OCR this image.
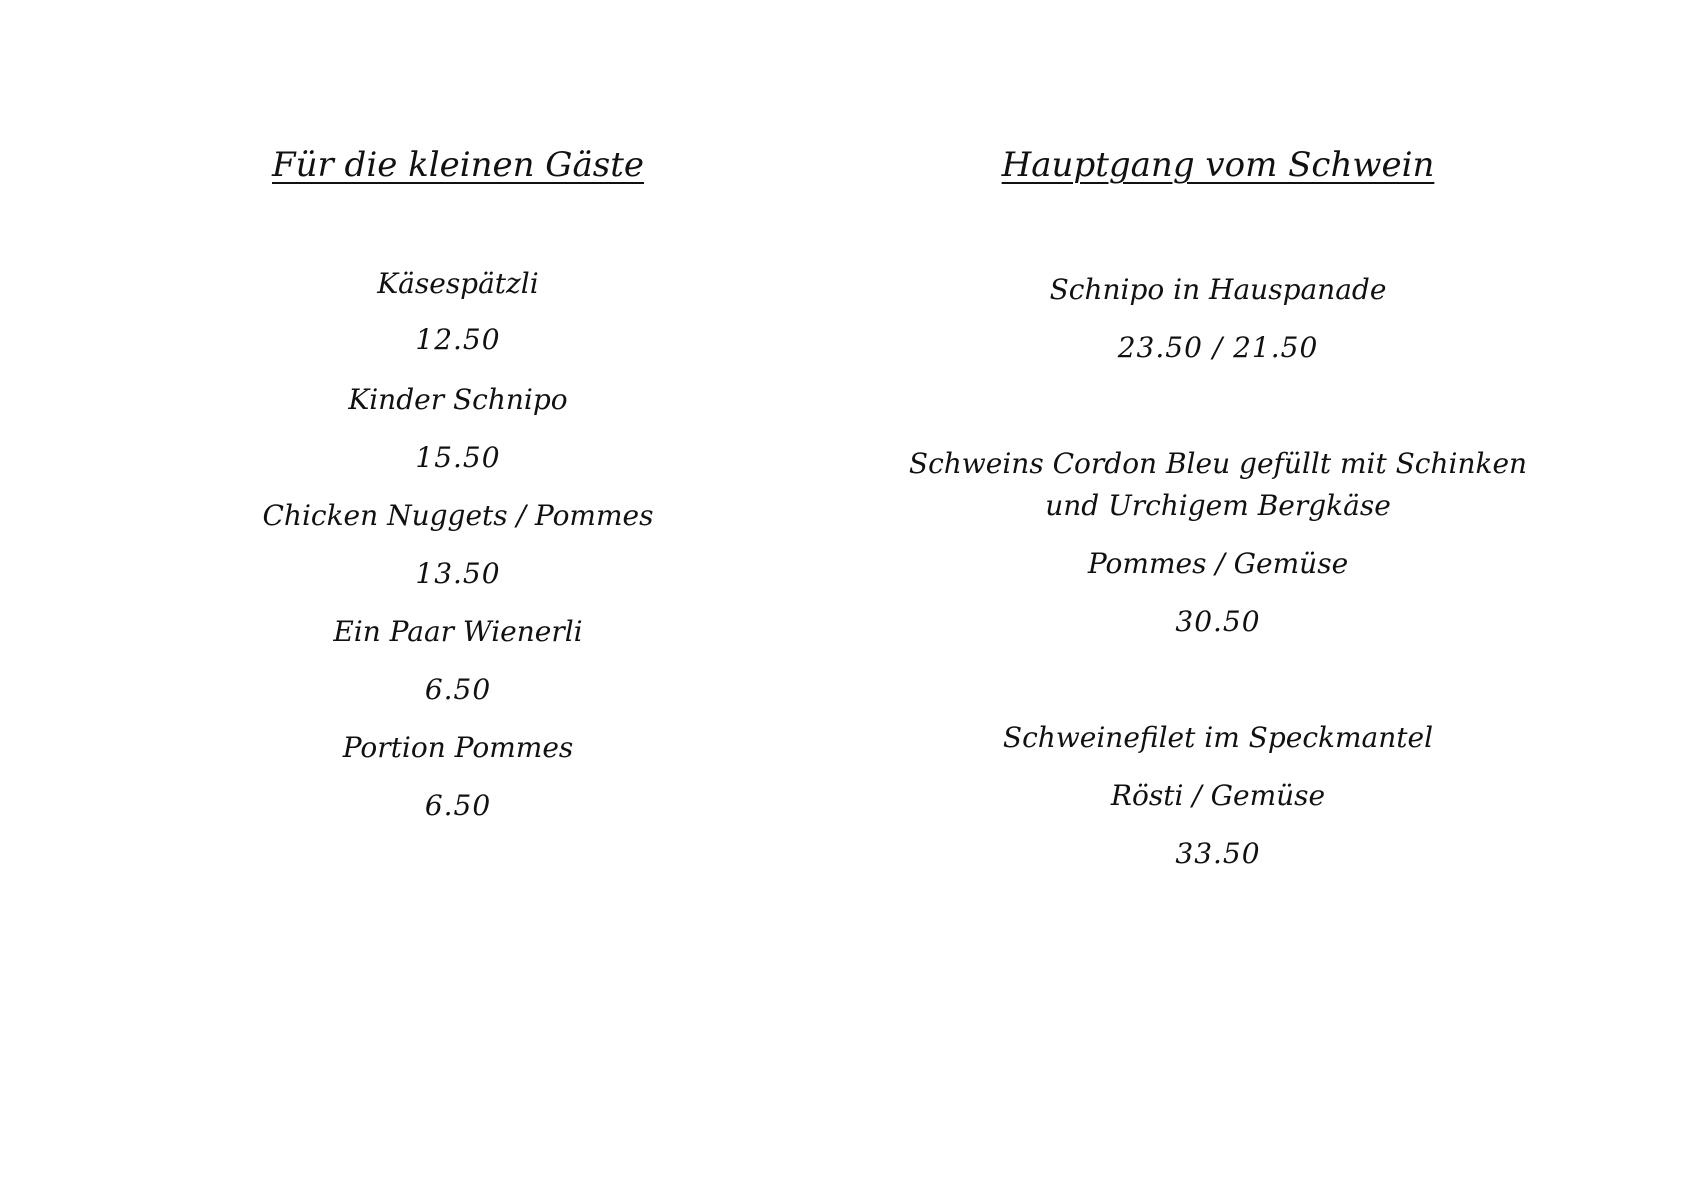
Für die kleinen Gäste
Käsespätzli
12.50
Kinder Schnipo
15.50
Chicken Nuggets / Pommes
13.50
Ein Paar Wienerli
6.50
Portion Pommes
6.50
Hauptgang vom Schwein
Schnipo in Hauspanade
23.50 / 21.50
Schweins Cordon Bleu gefüllt mit Schinken
und Urchigem Bergkäse
Pommes / Gemüse
30.50
Schweinefilet im Speckmantel
Rösti / Gemüse
33.50
